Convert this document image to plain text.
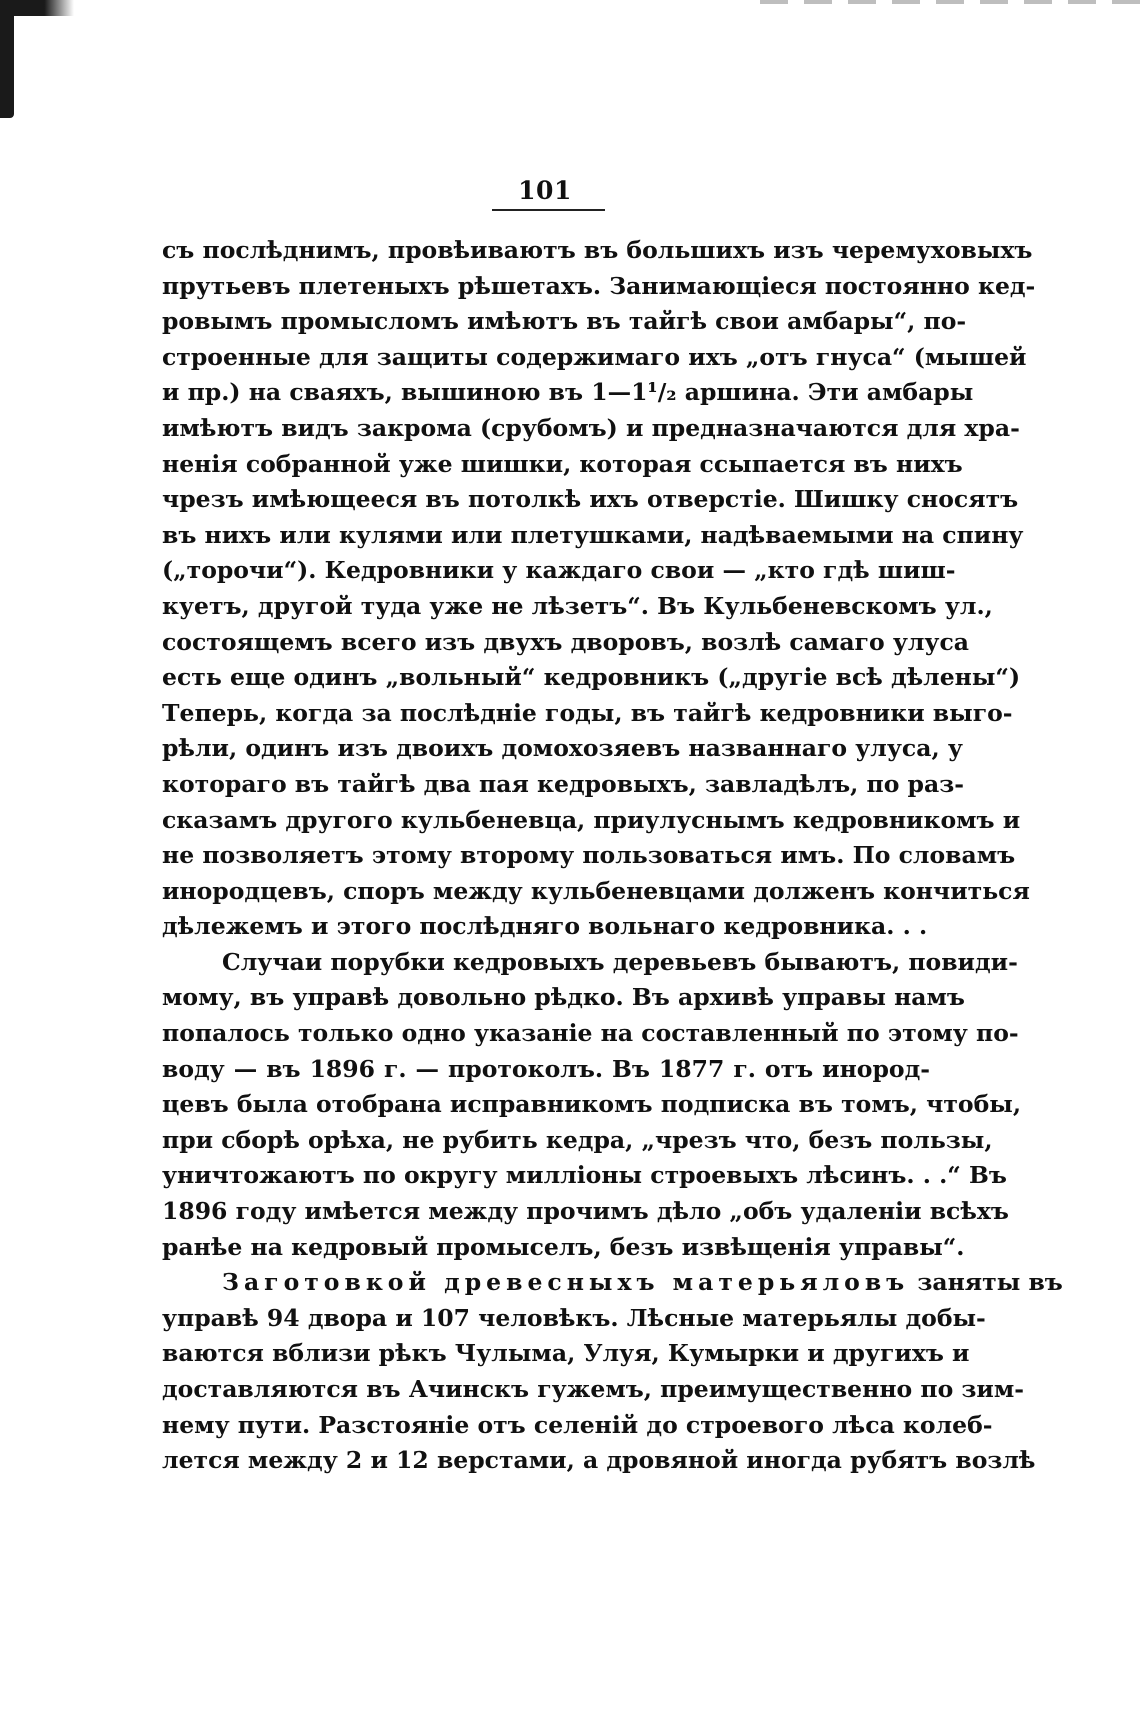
101
съ послѣднимъ, провѣиваютъ въ большихъ изъ черемуховыхъ
прутьевъ плетеныхъ рѣшетахъ. Занимающіеся постоянно кед-
ровымъ промысломъ имѣютъ въ тайгѣ свои амбары“, по-
строенные для защиты содержимаго ихъ „отъ гнуса“ (мышей
и пр.) на сваяхъ, вышиною въ 1—1¹/₂ аршина. Эти амбары
имѣютъ видъ закрома (срубомъ) и предназначаются для хра-
ненія собранной уже шишки, которая ссыпается въ нихъ
чрезъ имѣющееся въ потолкѣ ихъ отверстіе. Шишку сносятъ
въ нихъ или кулями или плетушками, надѣваемыми на спину
(„торочи“). Кедровники у каждаго свои — „кто гдѣ шиш-
куетъ, другой туда уже не лѣзетъ“. Въ Кульбеневскомъ ул.,
состоящемъ всего изъ двухъ дворовъ, возлѣ самаго улуса
есть еще одинъ „вольный“ кедровникъ („другіе всѣ дѣлены“)
Теперь, когда за послѣдніе годы, въ тайгѣ кедровники выго-
рѣли, одинъ изъ двоихъ домохозяевъ названнаго улуса, у
котораго въ тайгѣ два пая кедровыхъ, завладѣлъ, по раз-
сказамъ другого кульбеневца, приулуснымъ кедровникомъ и
не позволяетъ этому второму пользоваться имъ. По словамъ
инородцевъ, споръ между кульбеневцами долженъ кончиться
дѣлежемъ и этого послѣдняго вольнаго кедровника. . .
Случаи порубки кедровыхъ деревьевъ бываютъ, повиди-
мому, въ управѣ довольно рѣдко. Въ архивѣ управы намъ
попалось только одно указаніе на составленный по этому по-
воду — въ 1896 г. — протоколъ. Въ 1877 г. отъ инород-
цевъ была отобрана исправникомъ подписка въ томъ, чтобы,
при сборѣ орѣха, не рубить кедра, „чрезъ что, безъ пользы,
уничтожаютъ по округу милліоны строевыхъ лѣсинъ. . .“ Въ
1896 году имѣется между прочимъ дѣло „объ удаленіи всѣхъ
ранѣе на кедровый промыселъ, безъ извѣщенія управы“.
Заготовкой древесныхъ матерьяловъ заняты въ
управѣ 94 двора и 107 человѣкъ. Лѣсные матерьялы добы-
ваются вблизи рѣкъ Чулыма, Улуя, Кумырки и другихъ и
доставляются въ Ачинскъ гужемъ, преимущественно по зим-
нему пути. Разстояніе отъ селеній до строевого лѣса колеб-
лется между 2 и 12 верстами, а дровяной иногда рубятъ возлѣ
